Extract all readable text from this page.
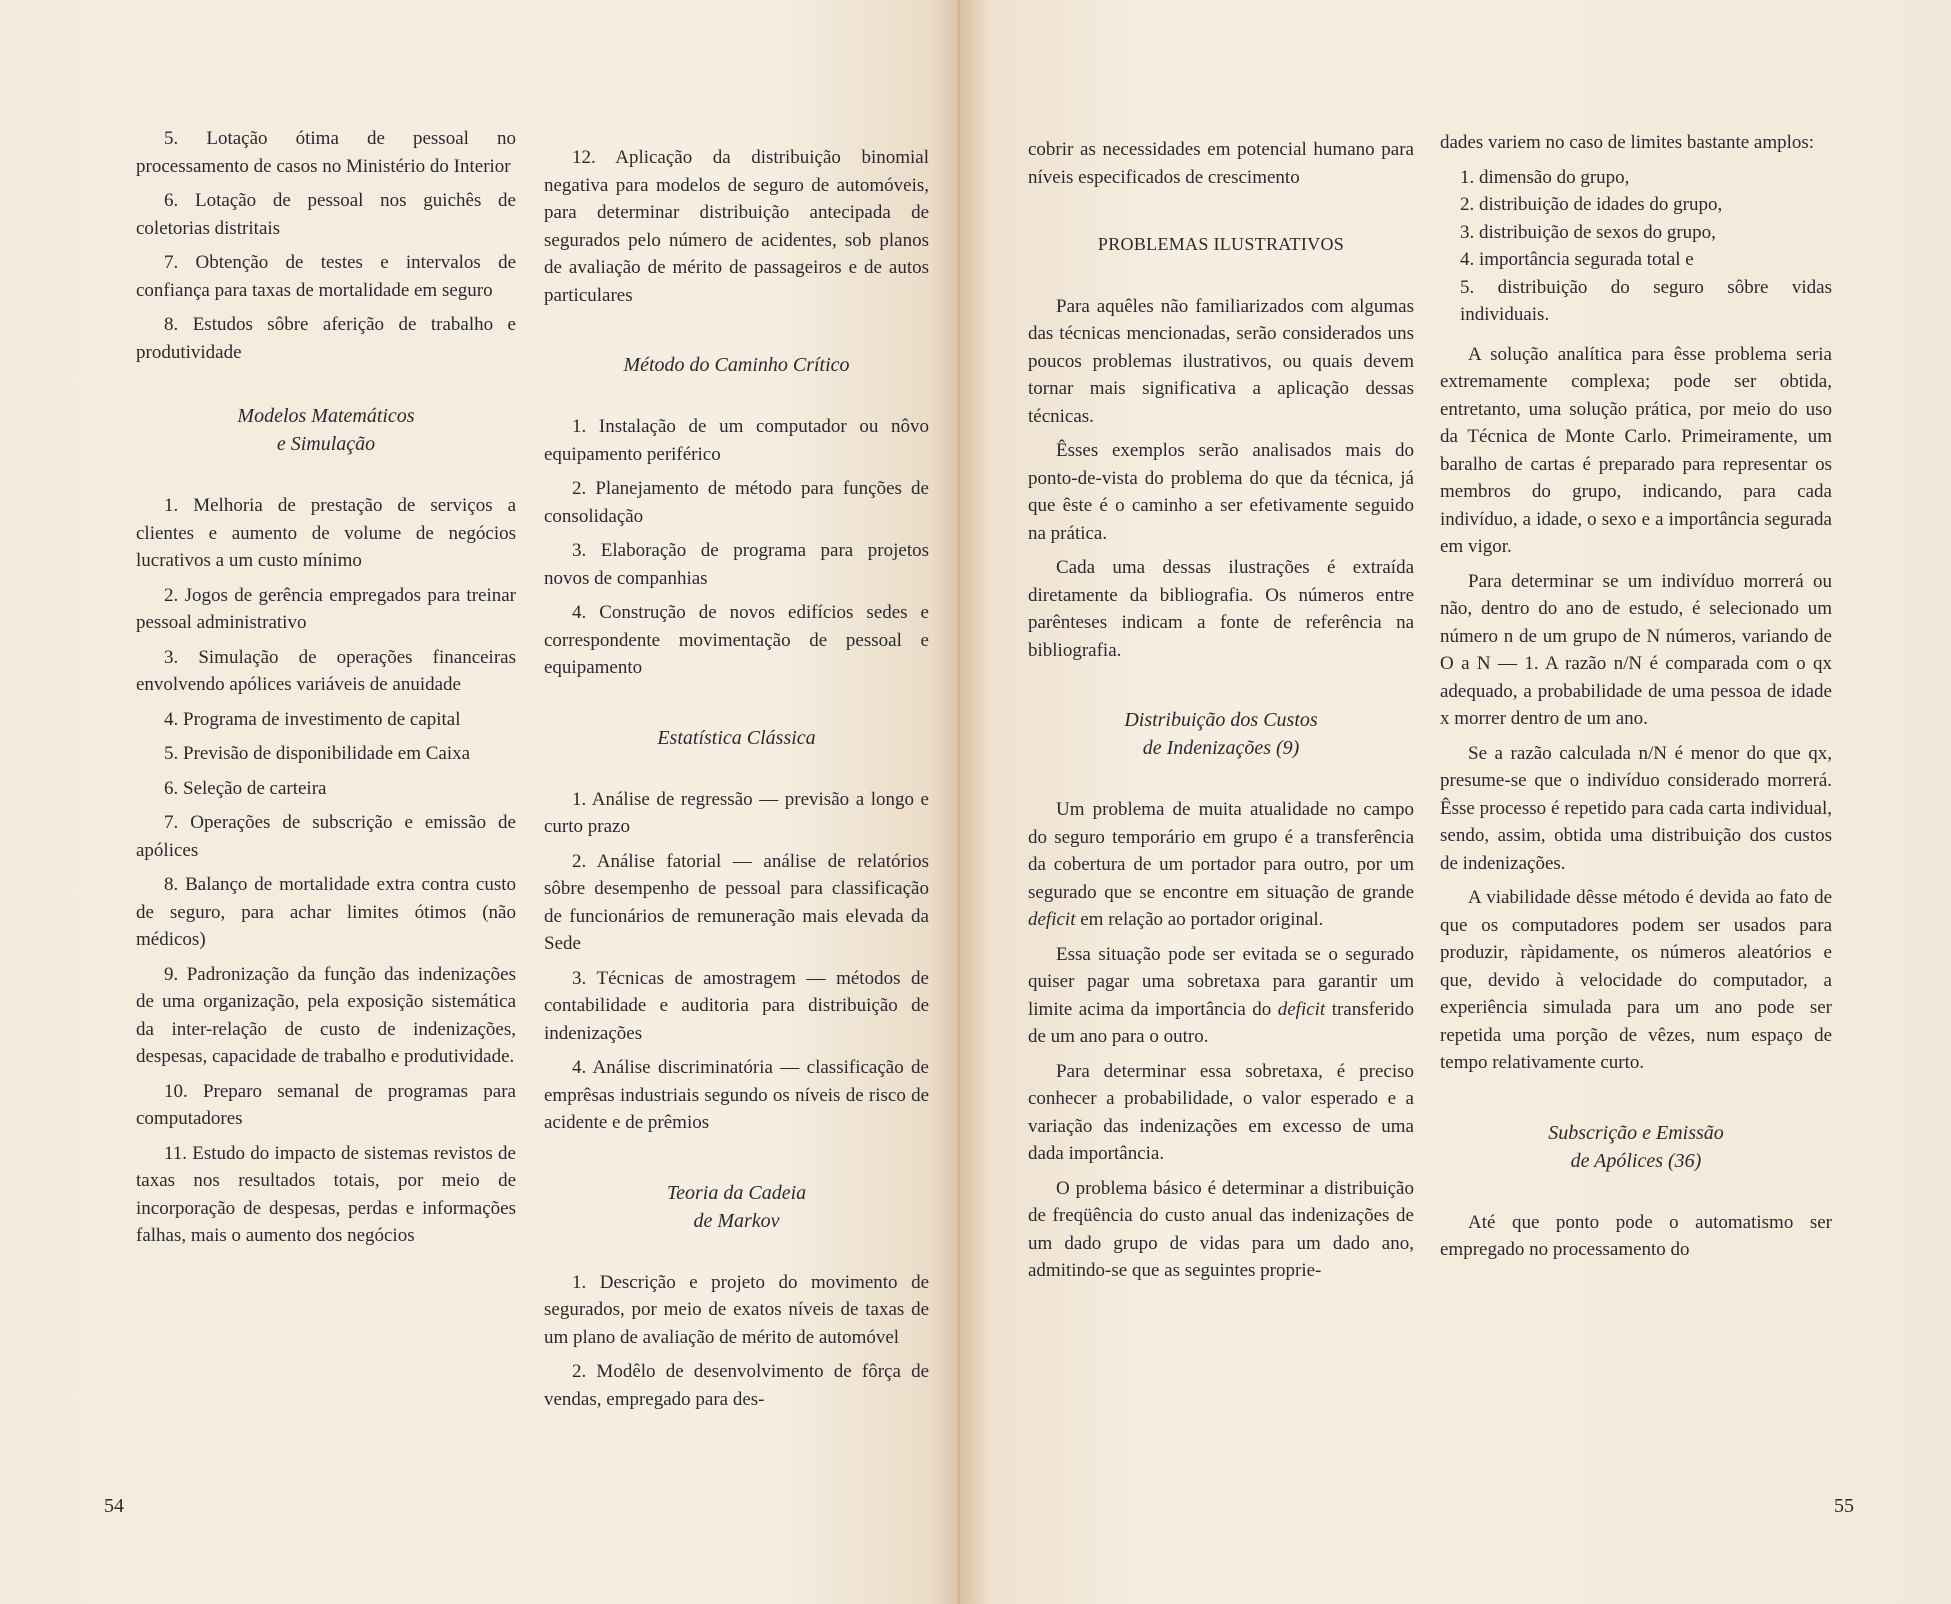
5. Lotação ótima de pessoal no processamento de casos no Ministério do Interior

6. Lotação de pessoal nos guichês de coletorias distritais

7. Obtenção de testes e intervalos de confiança para taxas de mortalidade em seguro

8. Estudos sôbre aferição de trabalho e produtividade

Modelos Matemáticos
e Simulação

1. Melhoria de prestação de serviços a clientes e aumento de volume de negócios lucrativos a um custo mínimo

2. Jogos de gerência empregados para treinar pessoal administrativo

3. Simulação de operações financeiras envolvendo apólices variáveis de anuidade

4. Programa de investimento de capital

5. Previsão de disponibilidade em Caixa

6. Seleção de carteira

7. Operações de subscrição e emissão de apólices

8. Balanço de mortalidade extra contra custo de seguro, para achar limites ótimos (não médicos)

9. Padronização da função das indenizações de uma organização, pela exposição sistemática da inter-relação de custo de indenizações, despesas, capacidade de trabalho e produtividade.

10. Preparo semanal de programas para computadores

11. Estudo do impacto de sistemas revistos de taxas nos resultados totais, por meio de incorporação de despesas, perdas e informações falhas, mais o aumento dos negócios

12. Aplicação da distribuição binomial negativa para modelos de seguro de automóveis, para determinar distribuição antecipada de segurados pelo número de acidentes, sob planos de avaliação de mérito de passageiros e de autos particulares

Método do Caminho Crítico

1. Instalação de um computador ou nôvo equipamento periférico

2. Planejamento de método para funções de consolidação

3. Elaboração de programa para projetos novos de companhias

4. Construção de novos edifícios sedes e correspondente movimentação de pessoal e equipamento

Estatística Clássica

1. Análise de regressão — previsão a longo e curto prazo

2. Análise fatorial — análise de relatórios sôbre desempenho de pessoal para classificação de funcionários de remuneração mais elevada da Sede

3. Técnicas de amostragem — métodos de contabilidade e auditoria para distribuição de indenizações

4. Análise discriminatória — classificação de emprêsas industriais segundo os níveis de risco de acidente e de prêmios

Teoria da Cadeia
de Markov

1. Descrição e projeto do movimento de segurados, por meio de exatos níveis de taxas de um plano de avaliação de mérito de automóvel

2. Modêlo de desenvolvimento de fôrça de vendas, empregado para des-

54

cobrir as necessidades em potencial humano para níveis especificados de crescimento

PROBLEMAS ILUSTRATIVOS

Para aquêles não familiarizados com algumas das técnicas mencionadas, serão considerados uns poucos problemas ilustrativos, ou quais devem tornar mais significativa a aplicação dessas técnicas.

Êsses exemplos serão analisados mais do ponto-de-vista do problema do que da técnica, já que êste é o caminho a ser efetivamente seguido na prática.

Cada uma dessas ilustrações é extraída diretamente da bibliografia. Os números entre parênteses indicam a fonte de referência na bibliografia.

Distribuição dos Custos
de Indenizações (9)

Um problema de muita atualidade no campo do seguro temporário em grupo é a transferência da cobertura de um portador para outro, por um segurado que se encontre em situação de grande deficit em relação ao portador original.

Essa situação pode ser evitada se o segurado quiser pagar uma sobretaxa para garantir um limite acima da importância do deficit transferido de um ano para o outro.

Para determinar essa sobretaxa, é preciso conhecer a probabilidade, o valor esperado e a variação das indenizações em excesso de uma dada importância.

O problema básico é determinar a distribuição de freqüência do custo anual das indenizações de um dado grupo de vidas para um dado ano, admitindo-se que as seguintes proprie-

dades variem no caso de limites bastante amplos:

1. dimensão do grupo,

2. distribuição de idades do grupo,

3. distribuição de sexos do grupo,

4. importância segurada total e

5. distribuição do seguro sôbre vidas individuais.

A solução analítica para êsse problema seria extremamente complexa; pode ser obtida, entretanto, uma solução prática, por meio do uso da Técnica de Monte Carlo. Primeiramente, um baralho de cartas é preparado para representar os membros do grupo, indicando, para cada indivíduo, a idade, o sexo e a importância segurada em vigor.

Para determinar se um indivíduo morrerá ou não, dentro do ano de estudo, é selecionado um número n de um grupo de N números, variando de O a N — 1. A razão n/N é comparada com o qx adequado, a probabilidade de uma pessoa de idade x morrer dentro de um ano.

Se a razão calculada n/N é menor do que qx, presume-se que o indivíduo considerado morrerá. Êsse processo é repetido para cada carta individual, sendo, assim, obtida uma distribuição dos custos de indenizações.

A viabilidade dêsse método é devida ao fato de que os computadores podem ser usados para produzir, ràpidamente, os números aleatórios e que, devido à velocidade do computador, a experiência simulada para um ano pode ser repetida uma porção de vêzes, num espaço de tempo relativamente curto.

Subscrição e Emissão
de Apólices (36)

Até que ponto pode o automatismo ser empregado no processamento do

55
